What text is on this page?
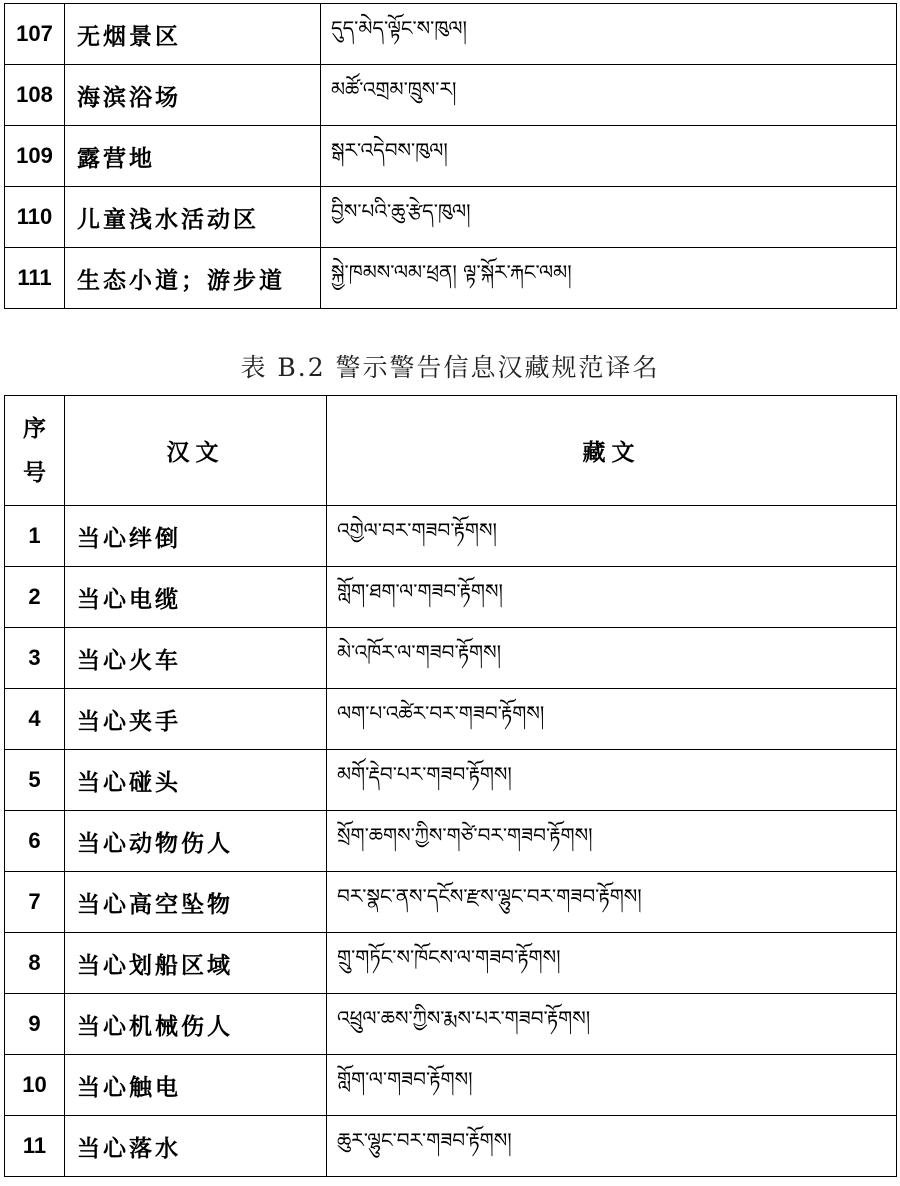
107	无烟景区	དུད་མེད་ལྟོང་ས་ཁུལ།
108	海滨浴场	མཚོ་འགྲམ་ཁྲུས་ར།
109	露营地	སྒར་འདེབས་ཁུལ།
110	儿童浅水活动区	བྱིས་པའི་ཆུ་རྩེད་ཁུལ།
111	生态小道；游步道	སྐྱེ་ཁམས་ལམ་ཕྲན། ལྟ་སྐོར་རྐང་ལམ།
表 B.2 警示警告信息汉藏规范译名
序
号	汉文	藏文
1	当心绊倒	འགྱེལ་བར་གཟབ་རྟོགས།
2	当心电缆	གློག་ཐག་ལ་གཟབ་རྟོགས།
3	当心火车	མེ་འཁོར་ལ་གཟབ་རྟོགས།
4	当心夹手	ལག་པ་འཚེར་བར་གཟབ་རྟོགས།
5	当心碰头	མགོ་རྡེབ་པར་གཟབ་རྟོགས།
6	当心动物伤人	སྲོག་ཆགས་ཀྱིས་གཙེ་བར་གཟབ་རྟོགས།
7	当心高空坠物	བར་སྣང་ནས་དངོས་རྫས་ལྷུང་བར་གཟབ་རྟོགས།
8	当心划船区域	གྲུ་གཏོང་ས་ཁོངས་ལ་གཟབ་རྟོགས།
9	当心机械伤人	འཕྲུལ་ཆས་ཀྱིས་རྨས་པར་གཟབ་རྟོགས།
10	当心触电	གློག་ལ་གཟབ་རྟོགས།
11	当心落水	ཆུར་ལྷུང་བར་གཟབ་རྟོགས།
